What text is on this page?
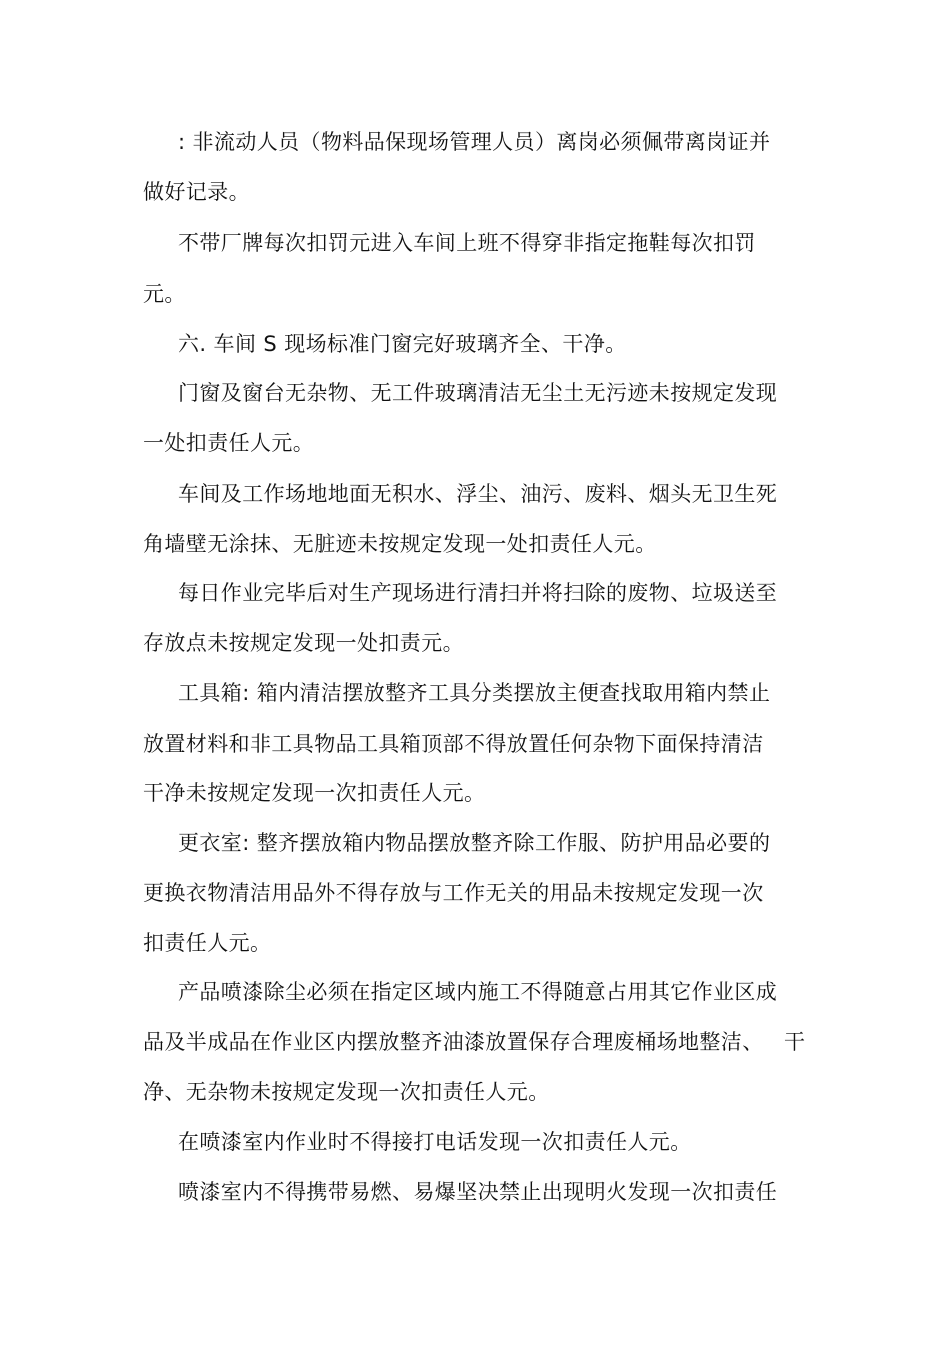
: 非流动人员（物料品保现场管理人员）离岗必须佩带离岗证并
做好记录。
不带厂牌每次扣罚元进入车间上班不得穿非指定拖鞋每次扣罚
元。
六. 车间 S 现场标准门窗完好玻璃齐全、干净。
门窗及窗台无杂物、无工件玻璃清洁无尘土无污迹未按规定发现
一处扣责任人元。
车间及工作场地地面无积水、浮尘、油污、废料、烟头无卫生死
角墙壁无涂抹、无脏迹未按规定发现一处扣责任人元。
每日作业完毕后对生产现场进行清扫并将扫除的废物、垃圾送至
存放点未按规定发现一处扣责元。
工具箱: 箱内清洁摆放整齐工具分类摆放主便查找取用箱内禁止
放置材料和非工具物品工具箱顶部不得放置任何杂物下面保持清洁
干净未按规定发现一次扣责任人元。
更衣室: 整齐摆放箱内物品摆放整齐除工作服、防护用品必要的
更换衣物清洁用品外不得存放与工作无关的用品未按规定发现一次
扣责任人元。
产品喷漆除尘必须在指定区域内施工不得随意占用其它作业区成
品及半成品在作业区内摆放整齐油漆放置保存合理废桶场地整洁、 干
净、无杂物未按规定发现一次扣责任人元。
在喷漆室内作业时不得接打电话发现一次扣责任人元。
喷漆室内不得携带易燃、易爆坚决禁止出现明火发现一次扣责任
